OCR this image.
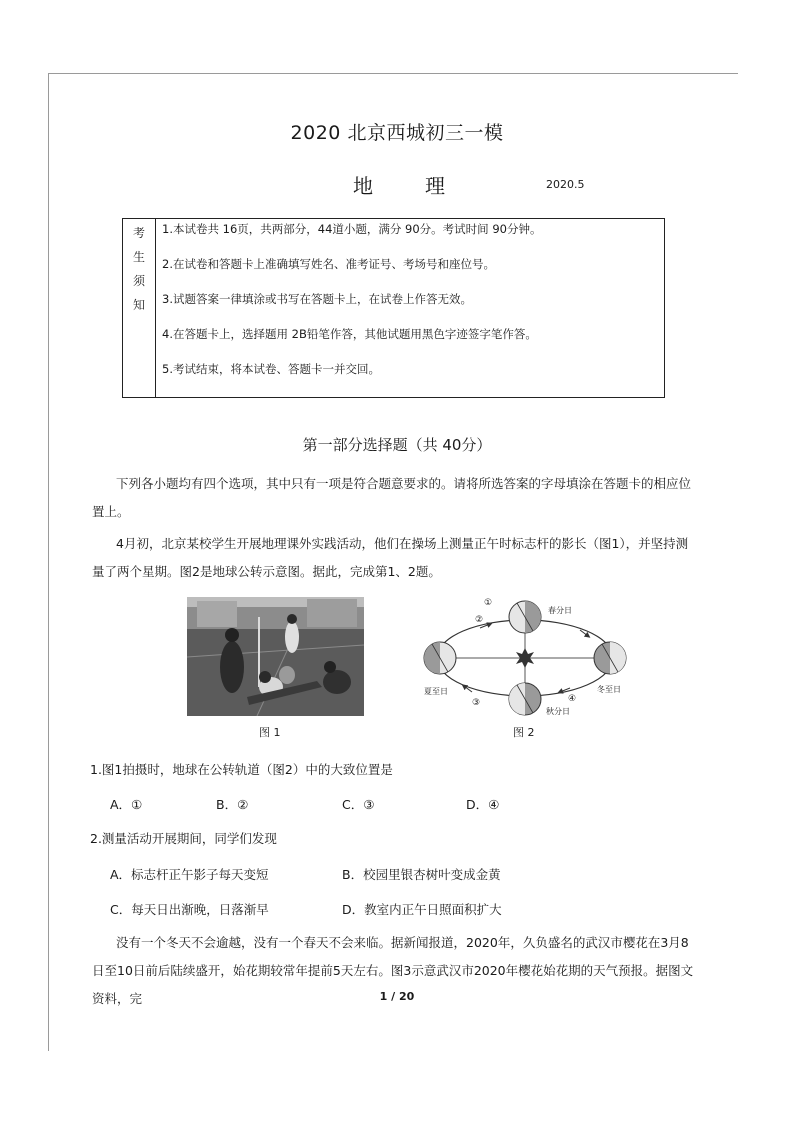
2020 北京西城初三一模
地	理	2020.5
考
生
须
知

1.本试卷共 16页，共两部分，44道小题，满分 90分。考试时间 90分钟。
2.在试卷和答题卡上准确填写姓名、准考证号、考场号和座位号。
3.试题答案一律填涂或书写在答题卡上，在试卷上作答无效。
4.在答题卡上，选择题用 2B铅笔作答，其他试题用黑色字迹签字笔作答。
5.考试结束，将本试卷、答题卡一并交回。
第一部分选择题（共 40分）
下列各小题均有四个选项，其中只有一项是符合题意要求的。请将所选答案的字母填涂在答题卡的相应位置上。
4月初，北京某校学生开展地理课外实践活动，他们在操场上测量正午时标志杆的影长（图1），并坚持测量了两个星期。图2是地球公转示意图。据此，完成第1、2题。
图 1
春分日
夏至日
秋分日
冬至日
②
①
③	④
图 2
1.图1拍摄时，地球在公转轨道（图2）中的大致位置是
A．①	B．②	C．③	D．④
2.测量活动开展期间，同学们发现
A．标志杆正午影子每天变短	B．校园里银杏树叶变成金黄
C．每天日出渐晚，日落渐早	D．教室内正午日照面积扩大
没有一个冬天不会逾越，没有一个春天不会来临。据新闻报道，2020年，久负盛名的武汉市樱花在3月8日至10日前后陆续盛开，始花期较常年提前5天左右。图3示意武汉市2020年樱花始花期的天气预报。据图文资料，完	1 / 20
